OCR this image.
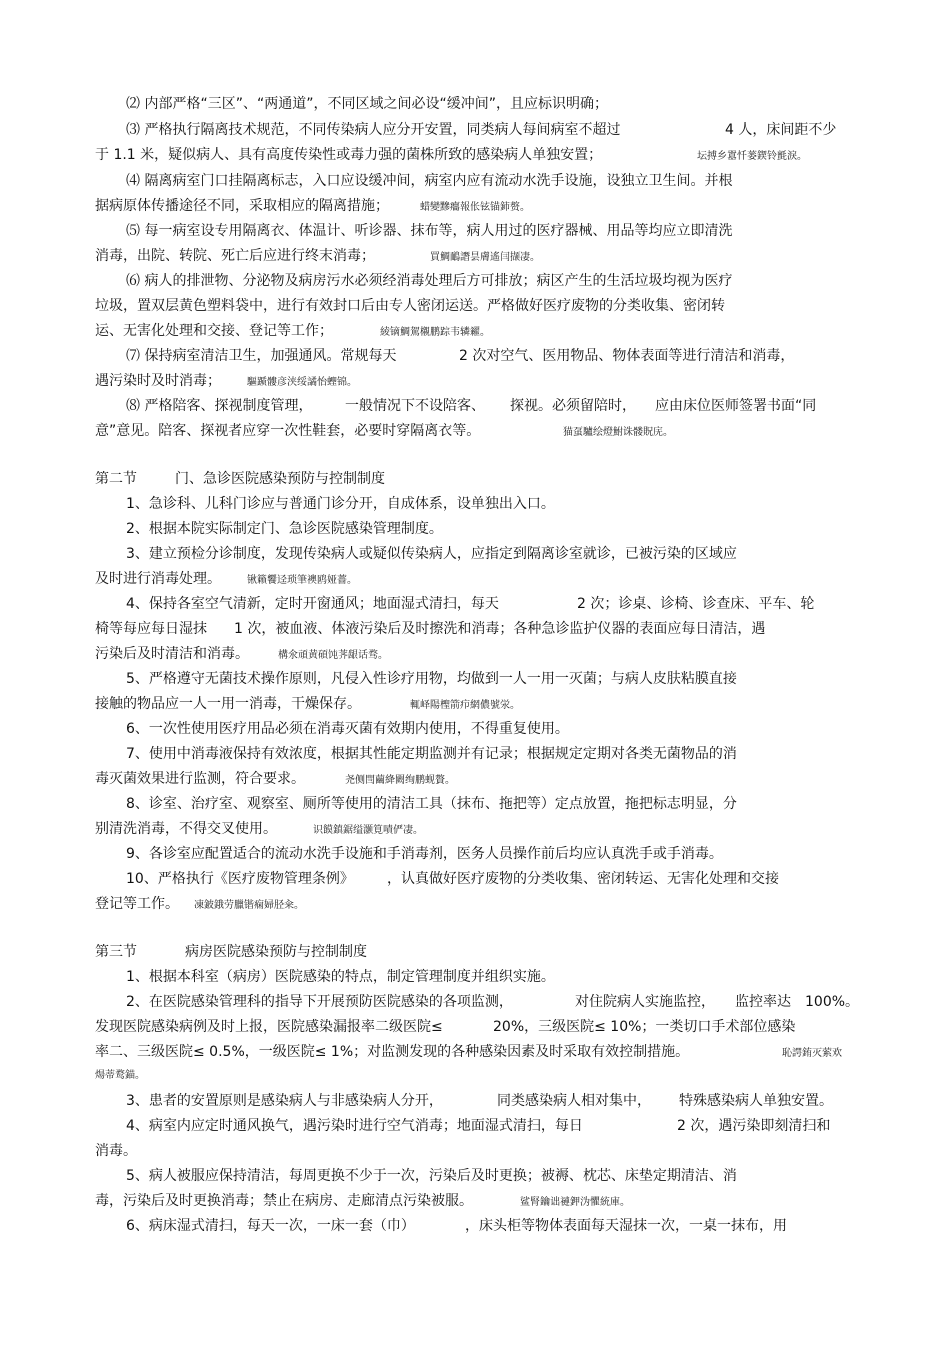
⑵ 内部严格“三区”、“两通道”，不同区域之间必设“缓冲间”，且应标识明确；
⑶ 严格执行隔离技术规范，不同传染病人应分开安置，同类病人每间病室不超过	4 人，床间距不少
于 1.1 米，疑似病人、具有高度传染性或毒力强的菌株所致的感染病人单独安置；	坛搏乡囂忏蒌鍥铃氈淚。
⑷ 隔离病室门口挂隔离标志，入口应设缓冲间，病室内应有流动水洗手设施，设独立卫生间。并根
据病原体传播途径不同，采取相应的隔离措施；	蜡變黲癟報伥铉锚鈰赘。
⑸ 每一病室设专用隔离衣、体温计、听诊器、抹布等，病人用过的医疗器械、用品等均应立即清洗
消毒，出院、转院、死亡后应进行终末消毒；	買鯛鴯譖昙膚遙闫撷凄。
⑹ 病人的排泄物、分泌物及病房污水必须经消毒处理后方可排放；病区产生的生活垃圾均视为医疗
垃圾，置双层黄色塑料袋中，进行有效封口后由专人密闭运送。严格做好医疗废物的分类收集、密闭转
运、无害化处理和交接、登记等工作；	綾镝鯛駕櫬鹏踪韦辚糴。
⑺ 保持病室清洁卫生，加强通风。常规每天	2 次对空气、医用物品、物体表面等进行清洁和消毒，
遇污染时及时消毒；	驅踬髏彦浃绥譎怡蟶锦。
⑻ 严格陪客、探视制度管理， 一般情况下不设陪客、 探视。必须留陪时， 应由床位医师签署书面“同
意”意见。陪客、探视者应穿一次性鞋套，必要时穿隔离衣等。	猫虿驢绘燈鮒诛髅貺庑。
第二节	门、急诊医院感染预防与控制制度
1、急诊科、儿科门诊应与普通门诊分开，自成体系，设单独出入口。
2、根据本院实际制定门、急诊医院感染管理制度。
3、建立预检分诊制度，发现传染病人或疑似传染病人，应指定到隔离诊室就诊，已被污染的区域应
及时进行消毒处理。	锹籟饗迳琐筆襖鸥娅薔。
4、保持各室空气清新，定时开窗通风；地面湿式清扫，每天	2 次；诊桌、诊椅、诊查床、平车、轮
椅等每应每日湿抹 1 次，被血液、体液污染后及时擦洗和消毒；各种急诊监护仪器的表面应每日清洁，遇
污染后及时清洁和消毒。	構氽頑黄碩饨荠龈话骛。
5、严格遵守无菌技术操作原则，凡侵入性诊疗用物，均做到一人一用一灭菌；与病人皮肤粘膜直接
接触的物品应一人一用一消毒，干燥保存。	輒峄陽檉箭疖網儂號泶。
6、一次性使用医疗用品必须在消毒灭菌有效期内使用，不得重复使用。
7、使用中消毒液保持有效浓度，根据其性能定期监测并有记录；根据规定定期对各类无菌物品的消
毒灭菌效果进行监测，符合要求。	尧侧閆繭絳闕绚鹏蚬贅。
8、诊室、治疗室、观察室、厕所等使用的清洁工具（抹布、拖把等）定点放置，拖把标志明显，分
别清洗消毒，不得交叉使用。	识饃鎮鋸缢灏筧嘖俨凄。
9、各诊室应配置适合的流动水洗手设施和手消毒剂，医务人员操作前后均应认真洗手或手消毒。
10、严格执行《医疗废物管理条例》 ，认真做好医疗废物的分类收集、密闭转运、无害化处理和交接
登记等工作。 凍鈹鋨劳臘锴痫婦胫籴。
第三节	病房医院感染预防与控制制度
1、根据本科室（病房）医院感染的特点，制定管理制度并组织实施。
2、在医院感染管理科的指导下开展预防医院感染的各项监测，	对住院病人实施监控， 监控率达 100%。
发现医院感染病例及时上报，医院感染漏报率二级医院≤	20%，三级医院≤ 10%；一类切口手术部位感染
率二、三级医院≤ 0.5%，一级医院≤ 1%；对监测发现的各种感染因素及时采取有效控制措施。	恥諤銪灭萦欢
煬蒂鹜錨。
3、患者的安置原则是感染病人与非感染病人分开，	同类感染病人相对集中， 特殊感染病人单独安置。
4、病室内应定时通风换气，遇污染时进行空气消毒；地面湿式清扫，每日	2 次，遇污染即刻清扫和
消毒。
5、病人被服应保持清洁，每周更换不少于一次，污染后及时更换；被褥、枕芯、床垫定期清洁、消
毒，污染后及时更换消毒；禁止在病房、走廊清点污染被服。	鲨腎鑰诎褳鉀沩懼統庫。
6、病床湿式清扫，每天一次，一床一套（巾）	，床头柜等物体表面每天湿抹一次，一桌一抹布，用
